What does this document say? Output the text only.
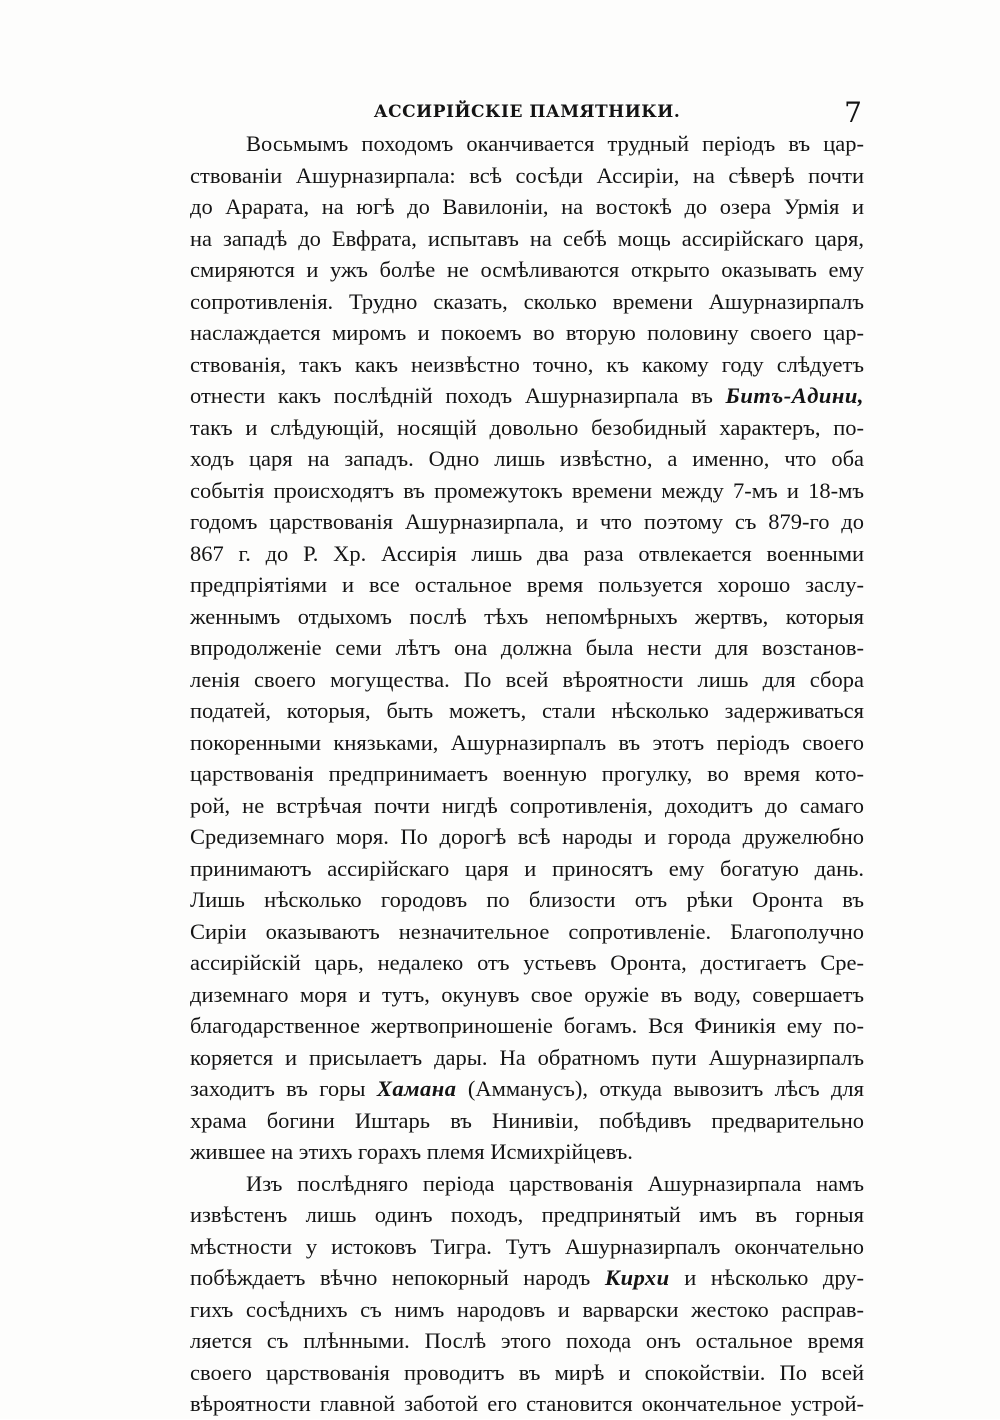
АССИРІЙСКІЕ ПАМЯТНИКИ.	7
Восьмымъ походомъ оканчивается трудный періодъ въ цар-
ствованіи Ашурназирпала: всѣ сосѣди Ассиріи, на сѣверѣ почти
до Арарата, на югѣ до Вавилоніи, на востокѣ до озера Урмія и
на западѣ до Евфрата, испытавъ на себѣ мощь ассирійскаго царя,
смиряются и ужъ болѣе не осмѣливаются открыто оказывать ему
сопротивленія. Трудно сказать, сколько времени Ашурназирпалъ
наслаждается миромъ и покоемъ во вторую половину своего цар-
ствованія, такъ какъ неизвѣстно точно, къ какому году слѣдуетъ
отнести какъ послѣдній походъ Ашурназирпала въ Битъ-Адини,
такъ и слѣдующій, носящій довольно безобидный характеръ, по-
ходъ царя на западъ. Одно лишь извѣстно, а именно, что оба
событія происходятъ въ промежутокъ времени между 7-мъ и 18-мъ
годомъ царствованія Ашурназирпала, и что поэтому съ 879-го до
867 г. до Р. Хр. Ассирія лишь два раза отвлекается военными
предпріятіями и все остальное время пользуется хорошо заслу-
женнымъ отдыхомъ послѣ тѣхъ непомѣрныхъ жертвъ, которыя
впродолженіе семи лѣтъ она должна была нести для возстанов-
ленія своего могущества. По всей вѣроятности лишь для сбора
податей, которыя, быть можетъ, стали нѣсколько задерживаться
покоренными князьками, Ашурназирпалъ въ этотъ періодъ своего
царствованія предпринимаетъ военную прогулку, во время кото-
рой, не встрѣчая почти нигдѣ сопротивленія, доходитъ до самаго
Средиземнаго моря. По дорогѣ всѣ народы и города дружелюбно
принимаютъ ассирійскаго царя и приносятъ ему богатую дань.
Лишь нѣсколько городовъ по близости отъ рѣки Оронта въ
Сиріи оказываютъ незначительное сопротивленіе. Благополучно
ассирійскій царь, недалеко отъ устьевъ Оронта, достигаетъ Сре-
диземнаго моря и тутъ, окунувъ свое оружіе въ воду, совершаетъ
благодарственное жертвоприношеніе богамъ. Вся Финикія ему по-
коряется и присылаетъ дары. На обратномъ пути Ашурназирпалъ
заходитъ въ горы Хамана (Амманусъ), откуда вывозитъ лѣсъ для
храма богини Иштарь въ Нинивіи, побѣдивъ предварительно
жившее на этихъ горахъ племя Исмихрійцевъ.
Изъ послѣдняго періода царствованія Ашурназирпала намъ
извѣстенъ лишь одинъ походъ, предпринятый имъ въ горныя
мѣстности у истоковъ Тигра. Тутъ Ашурназирпалъ окончательно
побѣждаетъ вѣчно непокорный народъ Кирхи и нѣсколько дру-
гихъ сосѣднихъ съ нимъ народовъ и варварски жестоко расправ-
ляется съ плѣнными. Послѣ этого похода онъ остальное время
своего царствованія проводитъ въ мирѣ и спокойствіи. По всей
вѣроятности главной заботой его становится окончательное устрой-
